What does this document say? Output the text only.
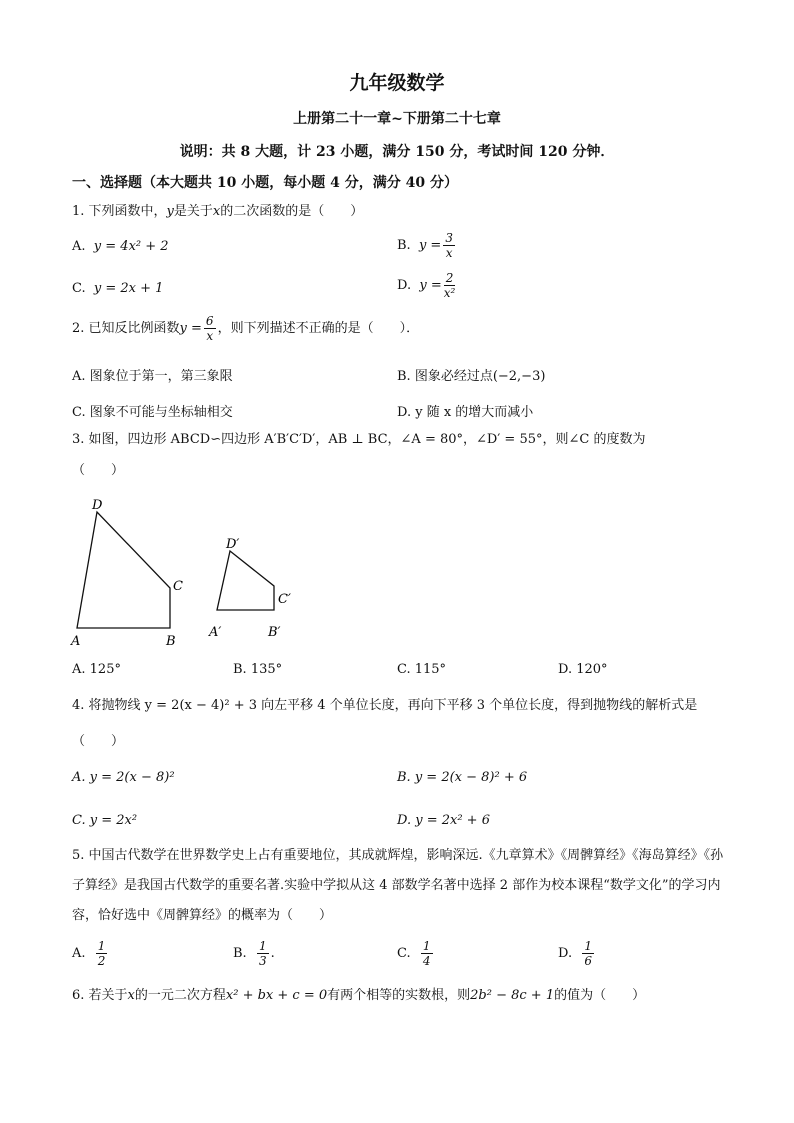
九年级数学
上册第二十一章~下册第二十七章
说明：共 8 大题，计 23 小题，满分 150 分，考试时间 120 分钟．
一、选择题（本大题共 10 小题，每小题 4 分，满分 40 分）
1. 下列函数中，y是关于x的二次函数的是（　　）
A. y = 4x² + 2	B. $y = \frac{3}{x}$
C. y = 2x + 1	D. $y = \frac{2}{\text{x²}}$
2. 已知反比例函数$y = \frac{6}{x}$ ，则下列描述不正确的是（　　）．
A. 图象位于第一，第三象限	B. 图象必经过点(−2,−3)
C. 图象不可能与坐标轴相交	D. y 随 x 的增大而减小
3. 如图，四边形 ABCD∽四边形 A′B′C′D′，AB ⊥ BC，∠A = 80°，∠D′ = 55°，则∠C 的度数为
（　　）
A	B
C
D
A′	B′
C′
D′
A. 125°	B. 135°	C. 115°	D. 120°
4. 将抛物线 y = 2(x − 4)² + 3 向左平移 4 个单位长度，再向下平移 3 个单位长度，得到抛物线的解析式是
（　　）
A. y = 2(x − 8)²	B. y = 2(x − 8)² + 6
C. y = 2x²	D. y = 2x² + 6
5. 中国古代数学在世界数学史上占有重要地位，其成就辉煌，影响深远.《九章算术》《周髀算经》《海岛算经》《孙子算经》是我国古代数学的重要名著.实验中学拟从这 4 部数学名著中选择 2 部作为校本课程“数学文化”的学习内容，恰好选中《周髀算经》的概率为（　　）
A. $\frac{1}{2}$	B. $\frac{1}{3}$ .	C. $\frac{1}{4}$	D. $\frac{1}{6}$
6. 若关于x的一元二次方程x² + bx + c = 0有两个相等的实数根，则2b² − 8c + 1的值为（　　）
